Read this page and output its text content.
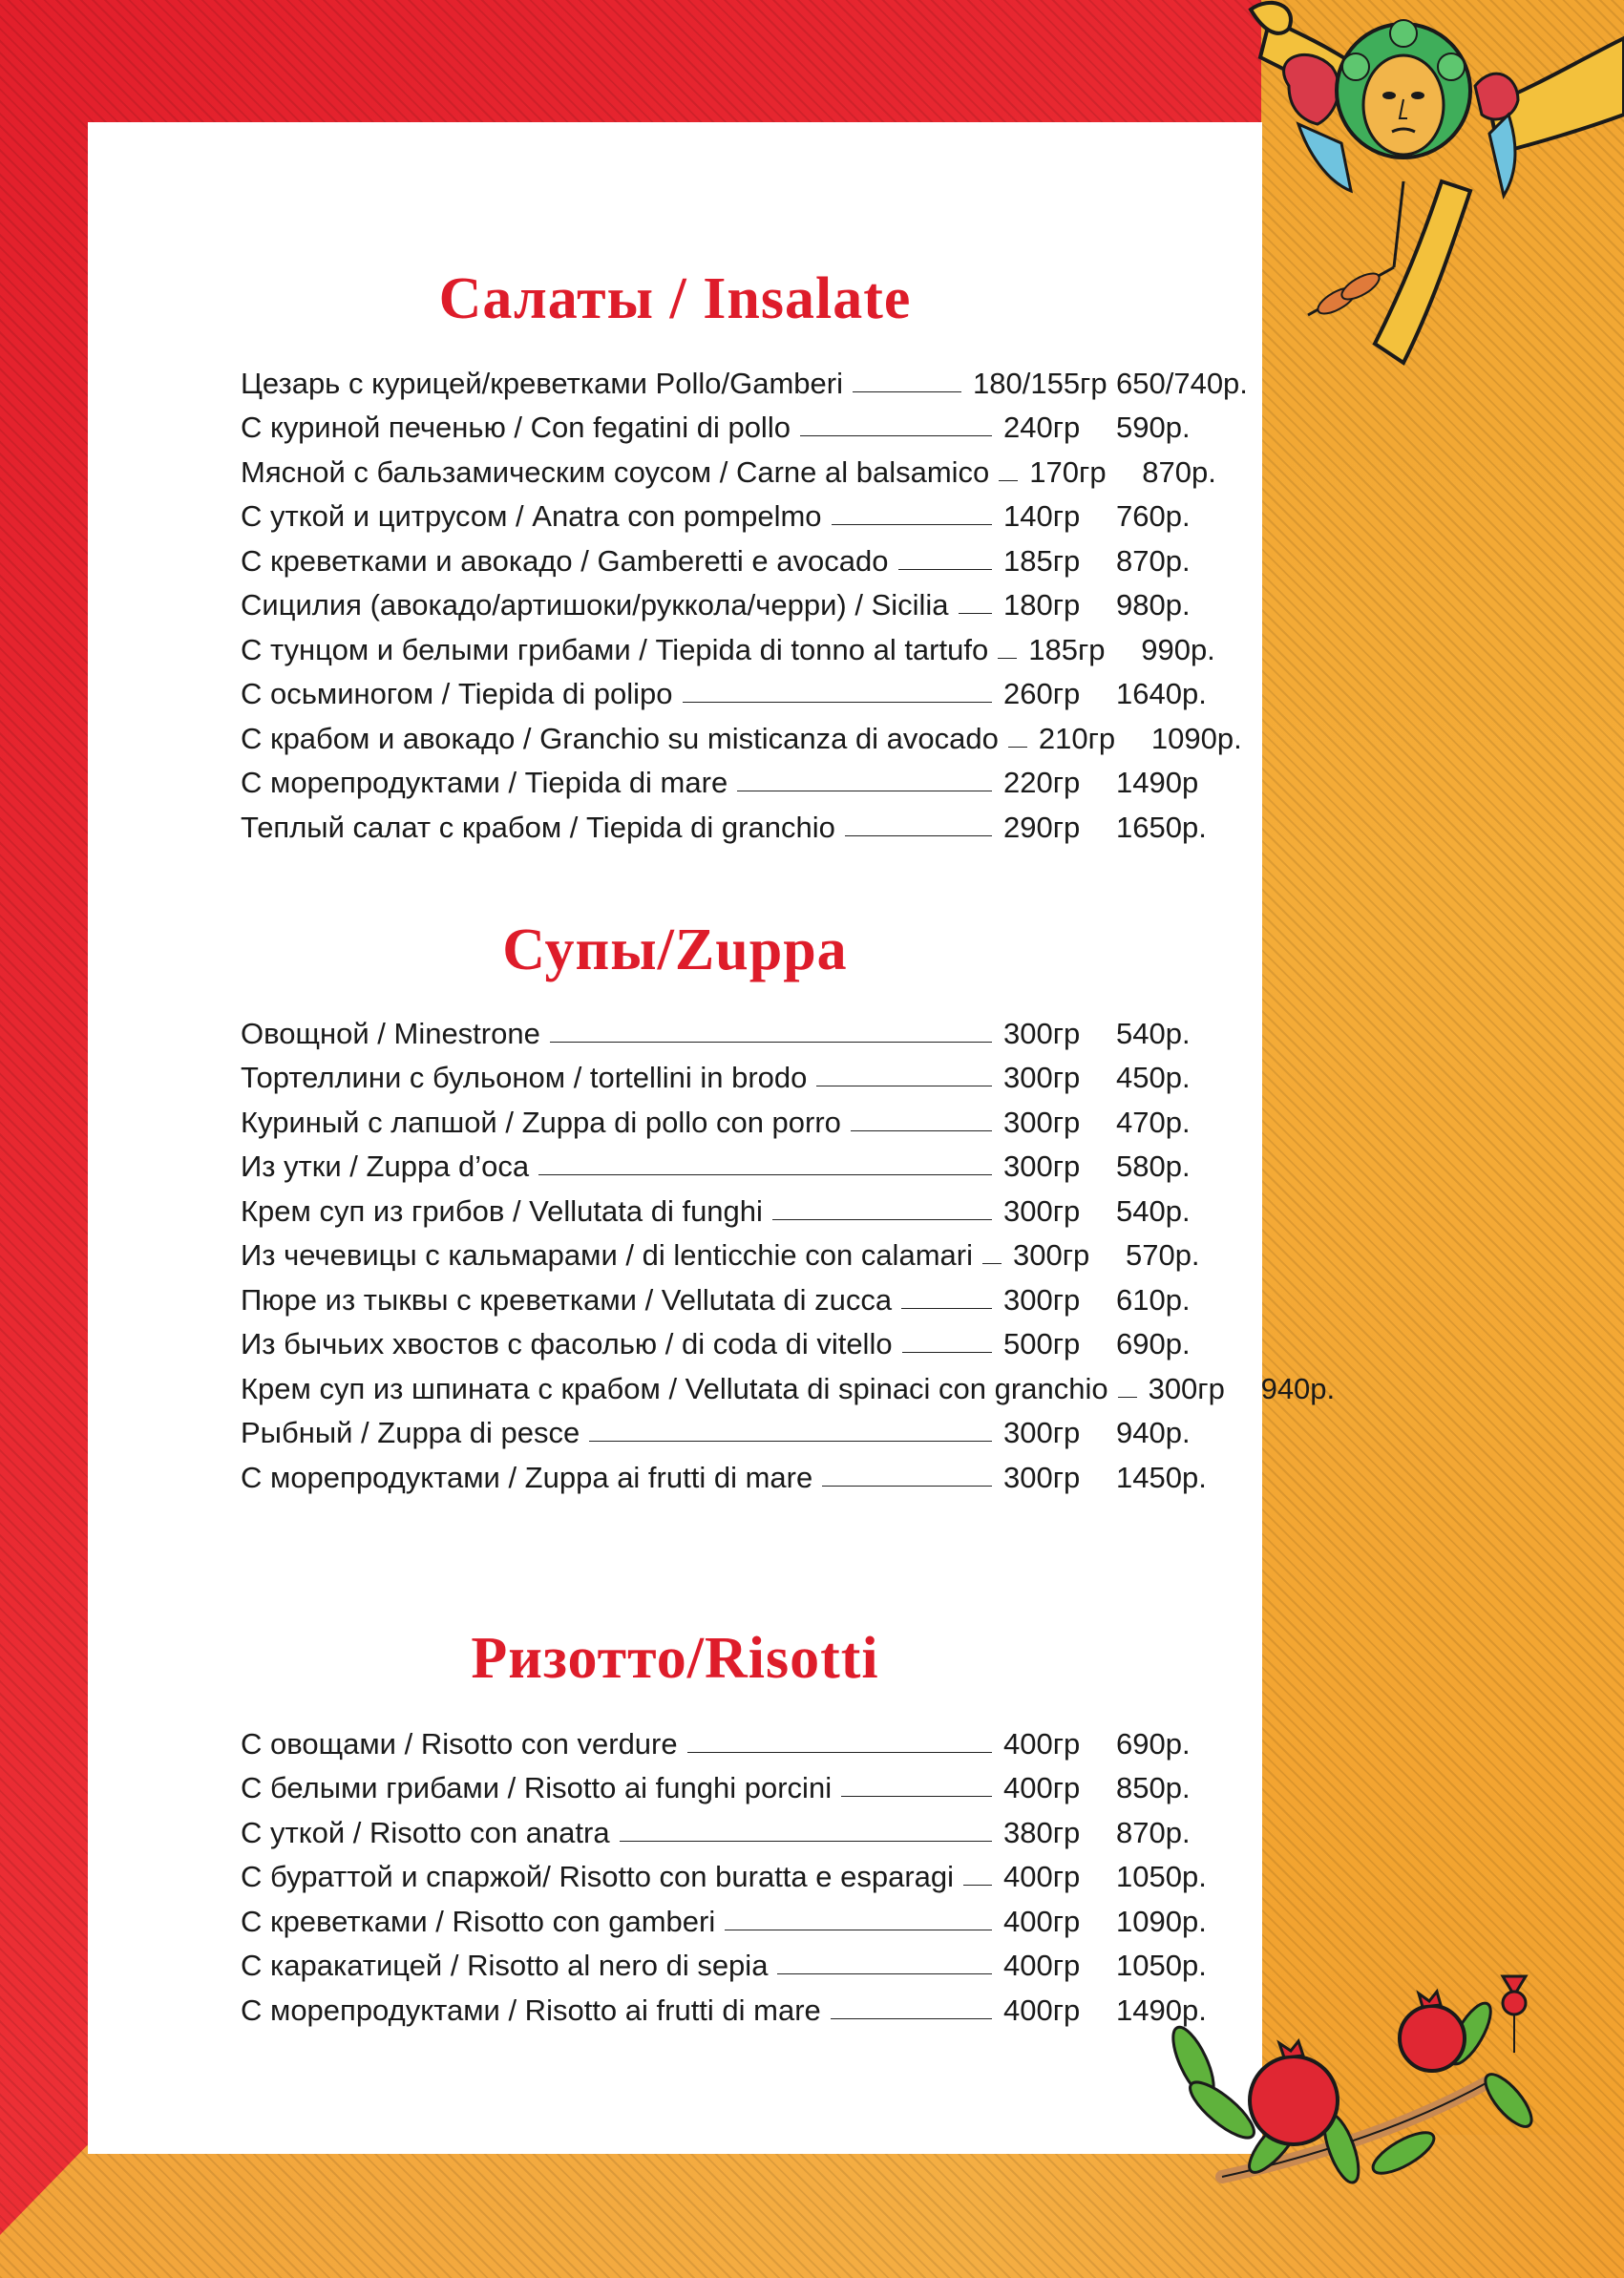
Салаты / Insalate
Цезарь с курицей/креветками Pollo/Gamberi	180/155гр 650/740р.
С куриной печенью / Con fegatini di pollo	240гр	590р.
Мясной с бальзамическим соусом / Carne al balsamico 170гр	870р.
С уткой и цитрусом / Anatra con pompelmo	140гр	760р.
С креветками и авокадо / Gamberetti e avocado	185гр	870р.
Сицилия (авокадо/артишоки/руккола/черри) / Sicilia 180гр	980р.
С тунцом и белыми грибами / Tiepida di tonno al tartufo 185гр	990р.
С осьминогом / Tiepida di polipo	260гр	1640р.
С крабом и авокадо / Granchio su misticanza di avocado 210гр	1090р.
С морепродуктами / Tiepida di mare	220гр	1490р
Теплый салат с крабом / Tiepida di granchio	290гр	1650р.
Супы/Zuppa
Овощной / Minestrone	300гр	540р.
Тортеллини с бульоном / tortellini in brodo	300гр	450р.
Куриный с лапшой / Zuppa di pollo con porro	300гр	470р.
Из утки / Zuppa d’oca	300гр	580р.
Крем суп из грибов / Vellutata di funghi	300гр	540р.
Из чечевицы с кальмарами / di lenticchie con calamari 300гр	570р.
Пюре из тыквы с креветками / Vellutata di zucca	300гр	610р.
Из бычьих хвостов с фасолью / di coda di vitello	500гр	690р.
Крем суп из шпината с крабом / Vellutata di spinaci con granchio 300гр	940р.
Рыбный / Zuppa di pesce	300гр	940р.
С морепродуктами / Zuppa ai frutti di mare	300гр	1450р.
Ризотто/Risotti
С овощами / Risotto con verdure	400гр	690р.
С белыми грибами / Risotto ai funghi porcini	400гр	850р.
С уткой / Risotto con anatra	380гр	870р.
С бураттой и спаржой/ Risotto con buratta e esparagi 400гр	1050р.
С креветками / Risotto con gamberi	400гр	1090р.
С каракатицей / Risotto al nero di sepia	400гр	1050р.
С морепродуктами / Risotto ai frutti di mare	400гр	1490р.
